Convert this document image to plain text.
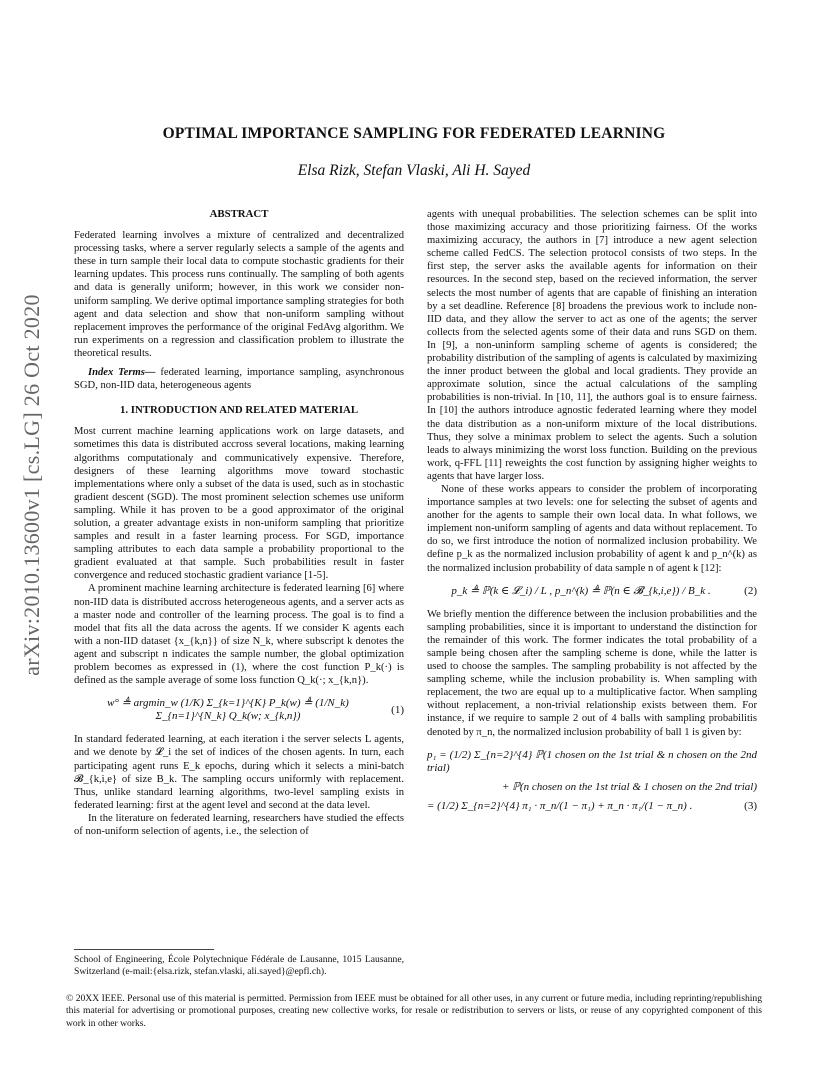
arXiv:2010.13600v1 [cs.LG] 26 Oct 2020
OPTIMAL IMPORTANCE SAMPLING FOR FEDERATED LEARNING
Elsa Rizk, Stefan Vlaski, Ali H. Sayed
ABSTRACT

Federated learning involves a mixture of centralized and decentralized processing tasks, where a server regularly selects a sample of the agents and these in turn sample their local data to compute stochastic gradients for their learning updates. This process runs continually. The sampling of both agents and data is generally uniform; however, in this work we consider non-uniform sampling. We derive optimal importance sampling strategies for both agent and data selection and show that non-uniform sampling without replacement improves the performance of the original FedAvg algorithm. We run experiments on a regression and classification problem to illustrate the theoretical results.

Index Terms— federated learning, importance sampling, asynchronous SGD, non-IID data, heterogeneous agents

1. INTRODUCTION AND RELATED MATERIAL

Most current machine learning applications work on large datasets, and sometimes this data is distributed accross several locations, making learning algorithms computationaly and communicatively expensive. Therefore, designers of these learning algorithms move toward stochastic implementations where only a subset of the data is used, such as in stochastic gradient descent (SGD). The most prominent selection schemes use uniform sampling. While it has proven to be a good approximator of the original solution, a greater advantage exists in non-uniform sampling that prioritize samples and result in a faster learning process. For SGD, importance sampling attributes to each data sample a probability proportional to the gradient evaluated at that sample. Such probabilities result in faster convergence and reduced stochastic gradient variance [1-5].

A prominent machine learning architecture is federated learning [6] where non-IID data is distributed accross heterogeneous agents, and a server acts as a master node and controller of the learning process. The goal is to find a model that fits all the data across the agents. If we consider K agents each with a non-IID dataset {x_{k,n}} of size N_k, where subscript k denotes the agent and subscript n indicates the sample number, the global optimization problem becomes as expressed in (1), where the cost function P_k(·) is defined as the sample average of some loss function Q_k(·; x_{k,n}).

w° ≜ argmin_w (1/K) Σ_{k=1}^{K} P_k(w) ≜ (1/N_k) Σ_{n=1}^{N_k} Q_k(w; x_{k,n})
(1)

In standard federated learning, at each iteration i the server selects L agents, and we denote by 𝓛_i the set of indices of the chosen agents. In turn, each participating agent runs E_k epochs, during which it selects a mini-batch 𝓑_{k,i,e} of size B_k. The sampling occurs uniformly with replacement. Thus, unlike standard learning algorithms, two-level sampling exists in federated learning: first at the agent level and second at the data level.

In the literature on federated learning, researchers have studied the effects of non-uniform selection of agents, i.e., the selection of

agents with unequal probabilities. The selection schemes can be split into those maximizing accuracy and those prioritizing fairness. Of the works maximizing accuracy, the authors in [7] introduce a new agent selection scheme called FedCS. The selection protocol consists of two steps. In the first step, the server asks the available agents for information on their resources. In the second step, based on the recieved information, the server selects the most number of agents that are capable of finishing an interation by a set deadline. Reference [8] broadens the previous work to include non-IID data, and they allow the server to act as one of the agents; the server collects from the selected agents some of their data and runs SGD on them. In [9], a non-uninform sampling scheme of agents is considered; the probability distribution of the sampling of agents is calculated by maximizing the inner product between the global and local gradients. They provide an approximate solution, since the actual calculations of the sampling probabilities is non-trivial. In [10, 11], the authors goal is to ensure fairness. In [10] the authors introduce agnostic federated learning where they model the data distribution as a non-uniform mixture of the local distributions. Thus, they solve a minimax problem to select the agents. Such a solution leads to always minimizing the worst loss function. Building on the previous work, q-FFL [11] reweights the cost function by assigning higher weights to agents that have larger loss.

None of these works appears to consider the problem of incorporating importance samples at two levels: one for selecting the subset of agents and another for the agents to sample their own local data. In what follows, we implement non-uniform sampling of agents and data without replacement. To do so, we first introduce the notion of normalized inclusion probability. We define p_k as the normalized inclusion probability of agent k and p_n^(k) as the normalized inclusion probability of data sample n of agent k [12]:

p_k ≜ ℙ(k ∈ 𝓛_i) / L , p_n^(k) ≜ ℙ(n ∈ 𝓑_{k,i,e}) / B_k .	(2)

We briefly mention the difference between the inclusion probabilities and the sampling probabilities, since it is important to understand the distinction for the remainder of this work. The former indicates the total probability of a sample being chosen after the sampling scheme is done, while the latter is used to choose the samples. The sampling probability is not affected by the sampling scheme, while the inclusion probability is. When sampling with replacement, the two are equal up to a multiplicative factor. When sampling without replacement, a non-trivial relationship exists between them. For instance, if we require to sample 2 out of 4 balls with sampling probabilitis denoted by π_n, the normalized inclusion probability of ball 1 is given by:

p₁ = (1/2) Σ_{n=2}^{4} ℙ(1 chosen on the 1st trial & n chosen on the 2nd trial)
+ ℙ(n chosen on the 1st trial & 1 chosen on the 2nd trial)
= (1/2) Σ_{n=2}^{4} π₁ · π_n/(1 − π₁) + π_n · π₁/(1 − π_n) .	(3)
School of Engineering, École Polytechnique Fédérale de Lausanne, 1015 Lausanne, Switzerland (e-mail:{elsa.rizk, stefan.vlaski, ali.sayed}@epfl.ch).
© 20XX IEEE. Personal use of this material is permitted. Permission from IEEE must be obtained for all other uses, in any current or future media, including reprinting/republishing this material for advertising or promotional purposes, creating new collective works, for resale or redistribution to servers or lists, or reuse of any copyrighted component of this work in other works.
